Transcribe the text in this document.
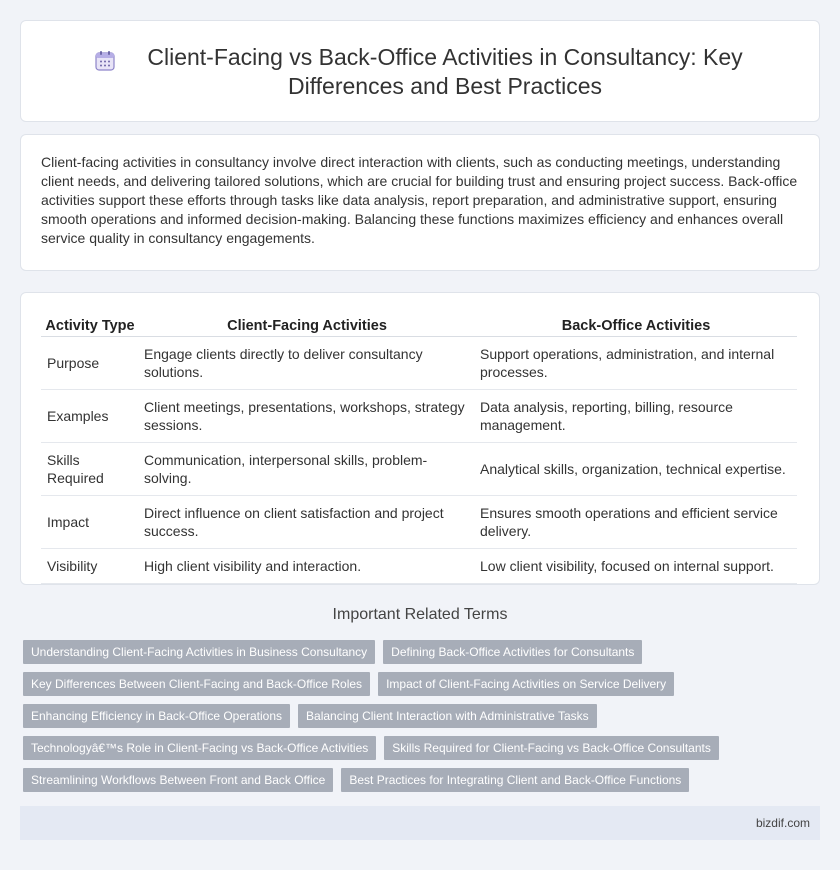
Client-Facing vs Back-Office Activities in Consultancy: Key Differences and Best Practices

Client-facing activities in consultancy involve direct interaction with clients, such as conducting meetings, understanding client needs, and delivering tailored solutions, which are crucial for building trust and ensuring project success. Back-office activities support these efforts through tasks like data analysis, report preparation, and administrative support, ensuring smooth operations and informed decision-making. Balancing these functions maximizes efficiency and enhances overall service quality in consultancy engagements.

Activity Type	Client-Facing Activities	Back-Office Activities
Purpose	Engage clients directly to deliver consultancy solutions.	Support operations, administration, and internal processes.
Examples	Client meetings, presentations, workshops, strategy sessions.	Data analysis, reporting, billing, resource management.
Skills Required	Communication, interpersonal skills, problem-solving.	Analytical skills, organization, technical expertise.
Impact	Direct influence on client satisfaction and project success.	Ensures smooth operations and efficient service delivery.
Visibility	High client visibility and interaction.	Low client visibility, focused on internal support.
Important Related Terms
Understanding Client-Facing Activities in Business Consultancy	Defining Back-Office Activities for Consultants
Key Differences Between Client-Facing and Back-Office Roles	Impact of Client-Facing Activities on Service Delivery
Enhancing Efficiency in Back-Office Operations	Balancing Client Interaction with Administrative Tasks
Technologyâ€™s Role in Client-Facing vs Back-Office Activities	Skills Required for Client-Facing vs Back-Office Consultants
Streamlining Workflows Between Front and Back Office	Best Practices for Integrating Client and Back-Office Functions
bizdif.com
